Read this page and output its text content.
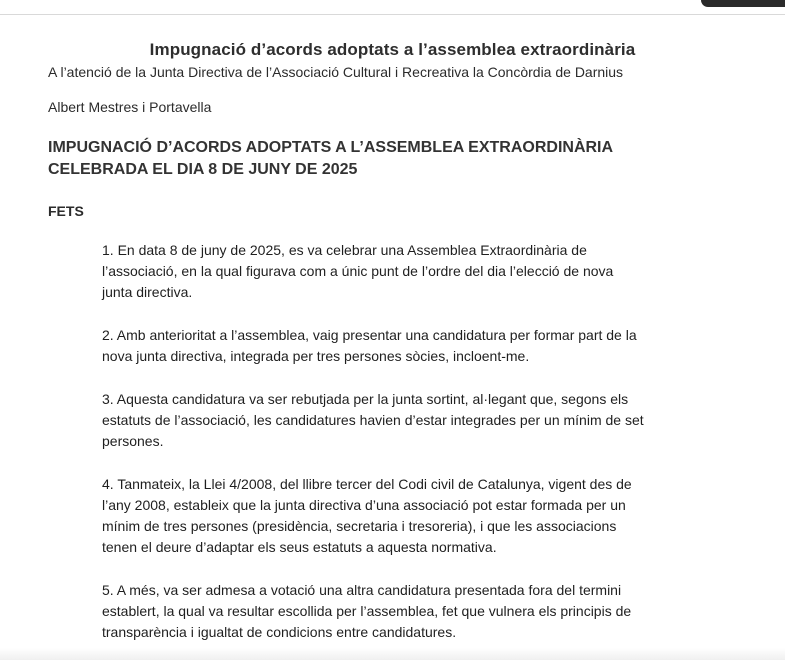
Impugnació d’acords adoptats a l’assemblea extraordinària

A l’atenció de la Junta Directiva de l’Associació Cultural i Recreativa la Concòrdia de Darnius

Albert Mestres i Portavella

IMPUGNACIÓ D’ACORDS ADOPTATS A L’ASSEMBLEA EXTRAORDINÀRIA
CELEBRADA EL DIA 8 DE JUNY DE 2025
FETS
1. En data 8 de juny de 2025, es va celebrar una Assemblea Extraordinària de
l’associació, en la qual figurava com a únic punt de l’ordre del dia l’elecció de nova
junta directiva.
2. Amb anterioritat a l’assemblea, vaig presentar una candidatura per formar part de la
nova junta directiva, integrada per tres persones sòcies, incloent-me.
3. Aquesta candidatura va ser rebutjada per la junta sortint, al·legant que, segons els
estatuts de l’associació, les candidatures havien d’estar integrades per un mínim de set
persones.
4. Tanmateix, la Llei 4/2008, del llibre tercer del Codi civil de Catalunya, vigent des de
l’any 2008, estableix que la junta directiva d’una associació pot estar formada per un
mínim de tres persones (presidència, secretaria i tresoreria), i que les associacions
tenen el deure d’adaptar els seus estatuts a aquesta normativa.
5. A més, va ser admesa a votació una altra candidatura presentada fora del termini
establert, la qual va resultar escollida per l’assemblea, fet que vulnera els principis de
transparència i igualtat de condicions entre candidatures.
